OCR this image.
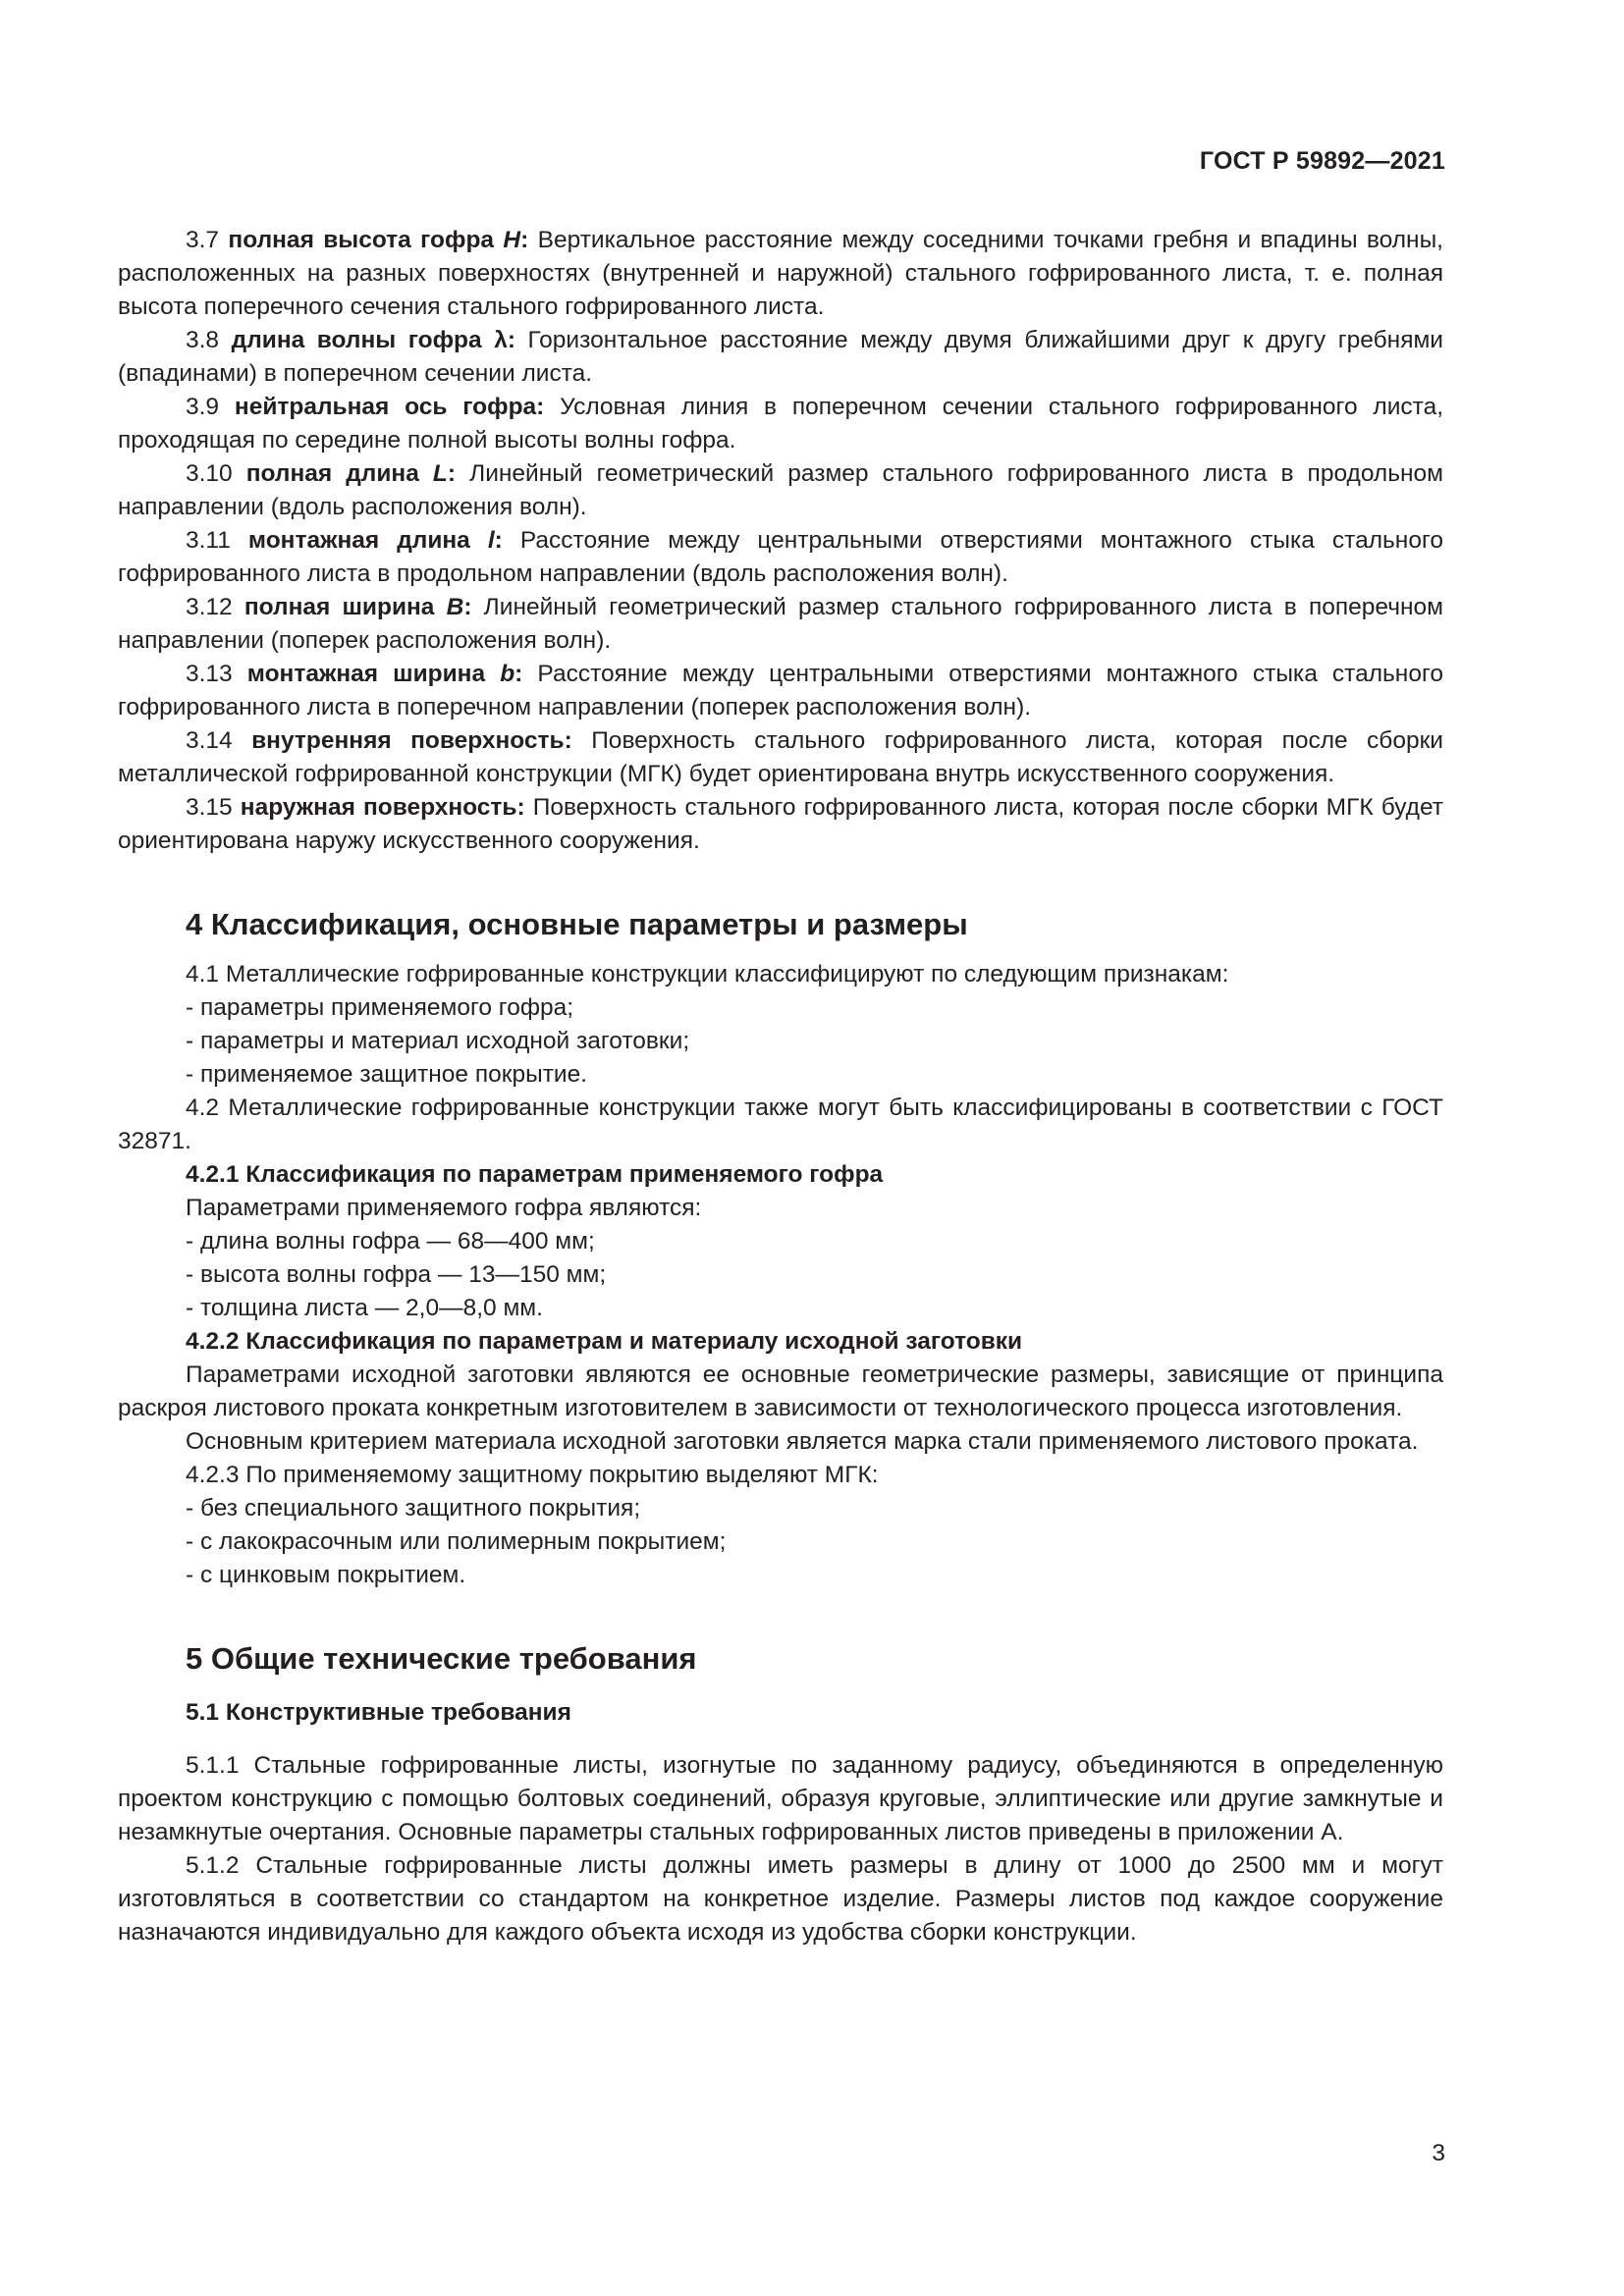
ГОСТ Р 59892—2021

3.7 полная высота гофра H: Вертикальное расстояние между соседними точками гребня и впадины волны, расположенных на разных поверхностях (внутренней и наружной) стального гофрированного листа, т. е. полная высота поперечного сечения стального гофрированного листа.

3.8 длина волны гофра λ: Горизонтальное расстояние между двумя ближайшими друг к другу гребнями (впадинами) в поперечном сечении листа.

3.9 нейтральная ось гофра: Условная линия в поперечном сечении стального гофрированного листа, проходящая по середине полной высоты волны гофра.

3.10 полная длина L: Линейный геометрический размер стального гофрированного листа в продольном направлении (вдоль расположения волн).

3.11 монтажная длина l: Расстояние между центральными отверстиями монтажного стыка стального гофрированного листа в продольном направлении (вдоль расположения волн).

3.12 полная ширина B: Линейный геометрический размер стального гофрированного листа в поперечном направлении (поперек расположения волн).

3.13 монтажная ширина b: Расстояние между центральными отверстиями монтажного стыка стального гофрированного листа в поперечном направлении (поперек расположения волн).

3.14 внутренняя поверхность: Поверхность стального гофрированного листа, которая после сборки металлической гофрированной конструкции (МГК) будет ориентирована внутрь искусственного сооружения.

3.15 наружная поверхность: Поверхность стального гофрированного листа, которая после сборки МГК будет ориентирована наружу искусственного сооружения.

4 Классификация, основные параметры и размеры

4.1 Металлические гофрированные конструкции классифицируют по следующим признакам:

- параметры применяемого гофра;

- параметры и материал исходной заготовки;

- применяемое защитное покрытие.

4.2 Металлические гофрированные конструкции также могут быть классифицированы в соответствии с ГОСТ 32871.

4.2.1 Классификация по параметрам применяемого гофра

Параметрами применяемого гофра являются:

- длина волны гофра — 68—400 мм;

- высота волны гофра — 13—150 мм;

- толщина листа — 2,0—8,0 мм.

4.2.2 Классификация по параметрам и материалу исходной заготовки

Параметрами исходной заготовки являются ее основные геометрические размеры, зависящие от принципа раскроя листового проката конкретным изготовителем в зависимости от технологического процесса изготовления.

Основным критерием материала исходной заготовки является марка стали применяемого листового проката.

4.2.3 По применяемому защитному покрытию выделяют МГК:

- без специального защитного покрытия;

- с лакокрасочным или полимерным покрытием;

- с цинковым покрытием.

5 Общие технические требования
5.1 Конструктивные требования

5.1.1 Стальные гофрированные листы, изогнутые по заданному радиусу, объединяются в определенную проектом конструкцию с помощью болтовых соединений, образуя круговые, эллиптические или другие замкнутые и незамкнутые очертания. Основные параметры стальных гофрированных листов приведены в приложении А.

5.1.2 Стальные гофрированные листы должны иметь размеры в длину от 1000 до 2500 мм и могут изготовляться в соответствии со стандартом на конкретное изделие. Размеры листов под каждое сооружение назначаются индивидуально для каждого объекта исходя из удобства сборки конструкции.

3
